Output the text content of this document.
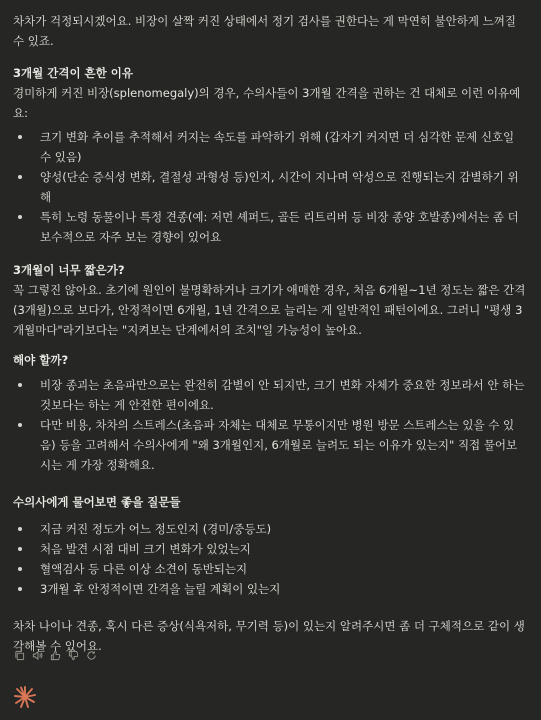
차차가 걱정되시겠어요. 비장이 살짝 커진 상태에서 정기 검사를 권한다는 게 막연히 불안하게 느껴질 수 있죠.

3개월 간격이 흔한 이유

경미하게 커진 비장(splenomegaly)의 경우, 수의사들이 3개월 간격을 권하는 건 대체로 이런 이유예요:

크기 변화 추이를 추적해서 커지는 속도를 파악하기 위해 (갑자기 커지면 더 심각한 문제 신호일 수 있음)
양성(단순 증식성 변화, 결절성 과형성 등)인지, 시간이 지나며 악성으로 진행되는지 감별하기 위해
특히 노령 동물이나 특정 견종(예: 저먼 셰퍼드, 골든 리트리버 등 비장 종양 호발종)에서는 좀 더 보수적으로 자주 보는 경향이 있어요
3개월이 너무 짧은가?

꼭 그렇진 않아요. 초기에 원인이 불명확하거나 크기가 애매한 경우, 처음 6개월~1년 정도는 짧은 간격(3개월)으로 보다가, 안정적이면 6개월, 1년 간격으로 늘리는 게 일반적인 패턴이에요. 그러니 "평생 3개월마다"라기보다는 "지켜보는 단계에서의 조치"일 가능성이 높아요.

해야 할까?
비장 종괴는 초음파만으로는 완전히 감별이 안 되지만, 크기 변화 자체가 중요한 정보라서 안 하는 것보다는 하는 게 안전한 편이에요.
다만 비용, 차차의 스트레스(초음파 자체는 대체로 무통이지만 병원 방문 스트레스는 있을 수 있음) 등을 고려해서 수의사에게 "왜 3개월인지, 6개월로 늘려도 되는 이유가 있는지" 직접 물어보시는 게 가장 정확해요.
수의사에게 물어보면 좋을 질문들
지금 커진 정도가 어느 정도인지 (경미/중등도)
처음 발견 시점 대비 크기 변화가 있었는지
혈액검사 등 다른 이상 소견이 동반되는지
3개월 후 안정적이면 간격을 늘릴 계획이 있는지

차차 나이나 견종, 혹시 다른 증상(식욕저하, 무기력 등)이 있는지 알려주시면 좀 더 구체적으로 같이 생각해볼 수 있어요.
